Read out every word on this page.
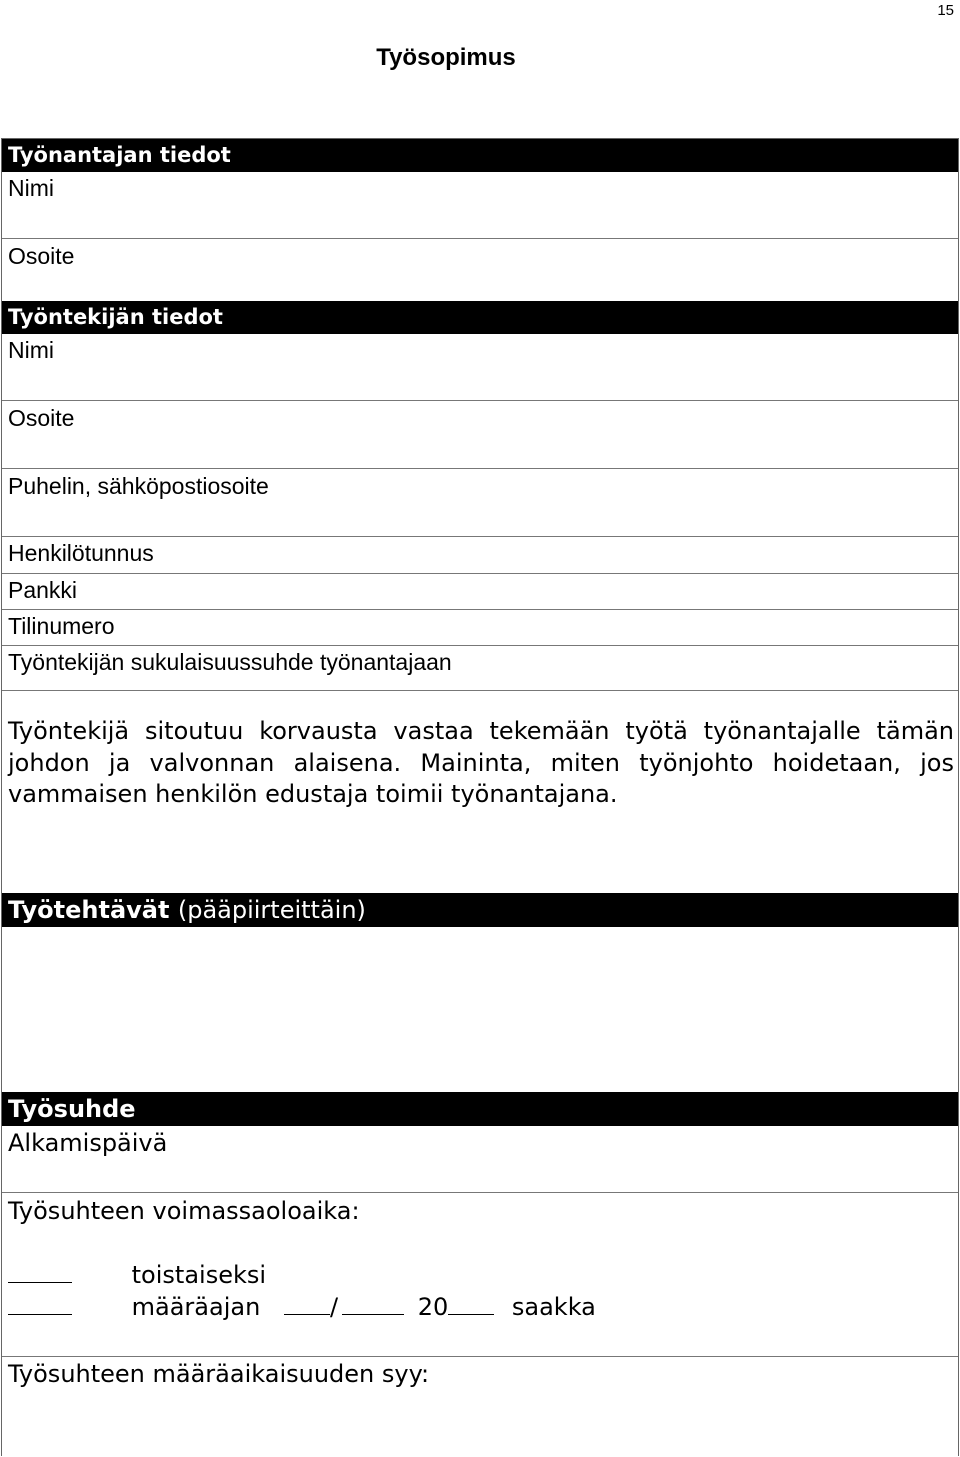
15
Työsopimus
Työnantajan tiedot
Nimi
Osoite
Työntekijän tiedot
Nimi
Osoite
Puhelin, sähköpostiosoite
Henkilötunnus
Pankki
Tilinumero
Työntekijän sukulaisuussuhde työnantajaan
Työntekijä sitoutuu korvausta vastaa tekemään työtä työnantajalle tämän johdon ja valvonnan alaisena. Maininta, miten työnjohto hoidetaan, jos vammaisen henkilön edustaja toimii työnantajana.
Työtehtävät (pääpiirteittäin)
Työsuhde
Alkamispäivä
Työsuhteen voimassaoloaika:
toistaiseksi
määräajan	/	20	saakka
Työsuhteen määräaikaisuuden syy:
